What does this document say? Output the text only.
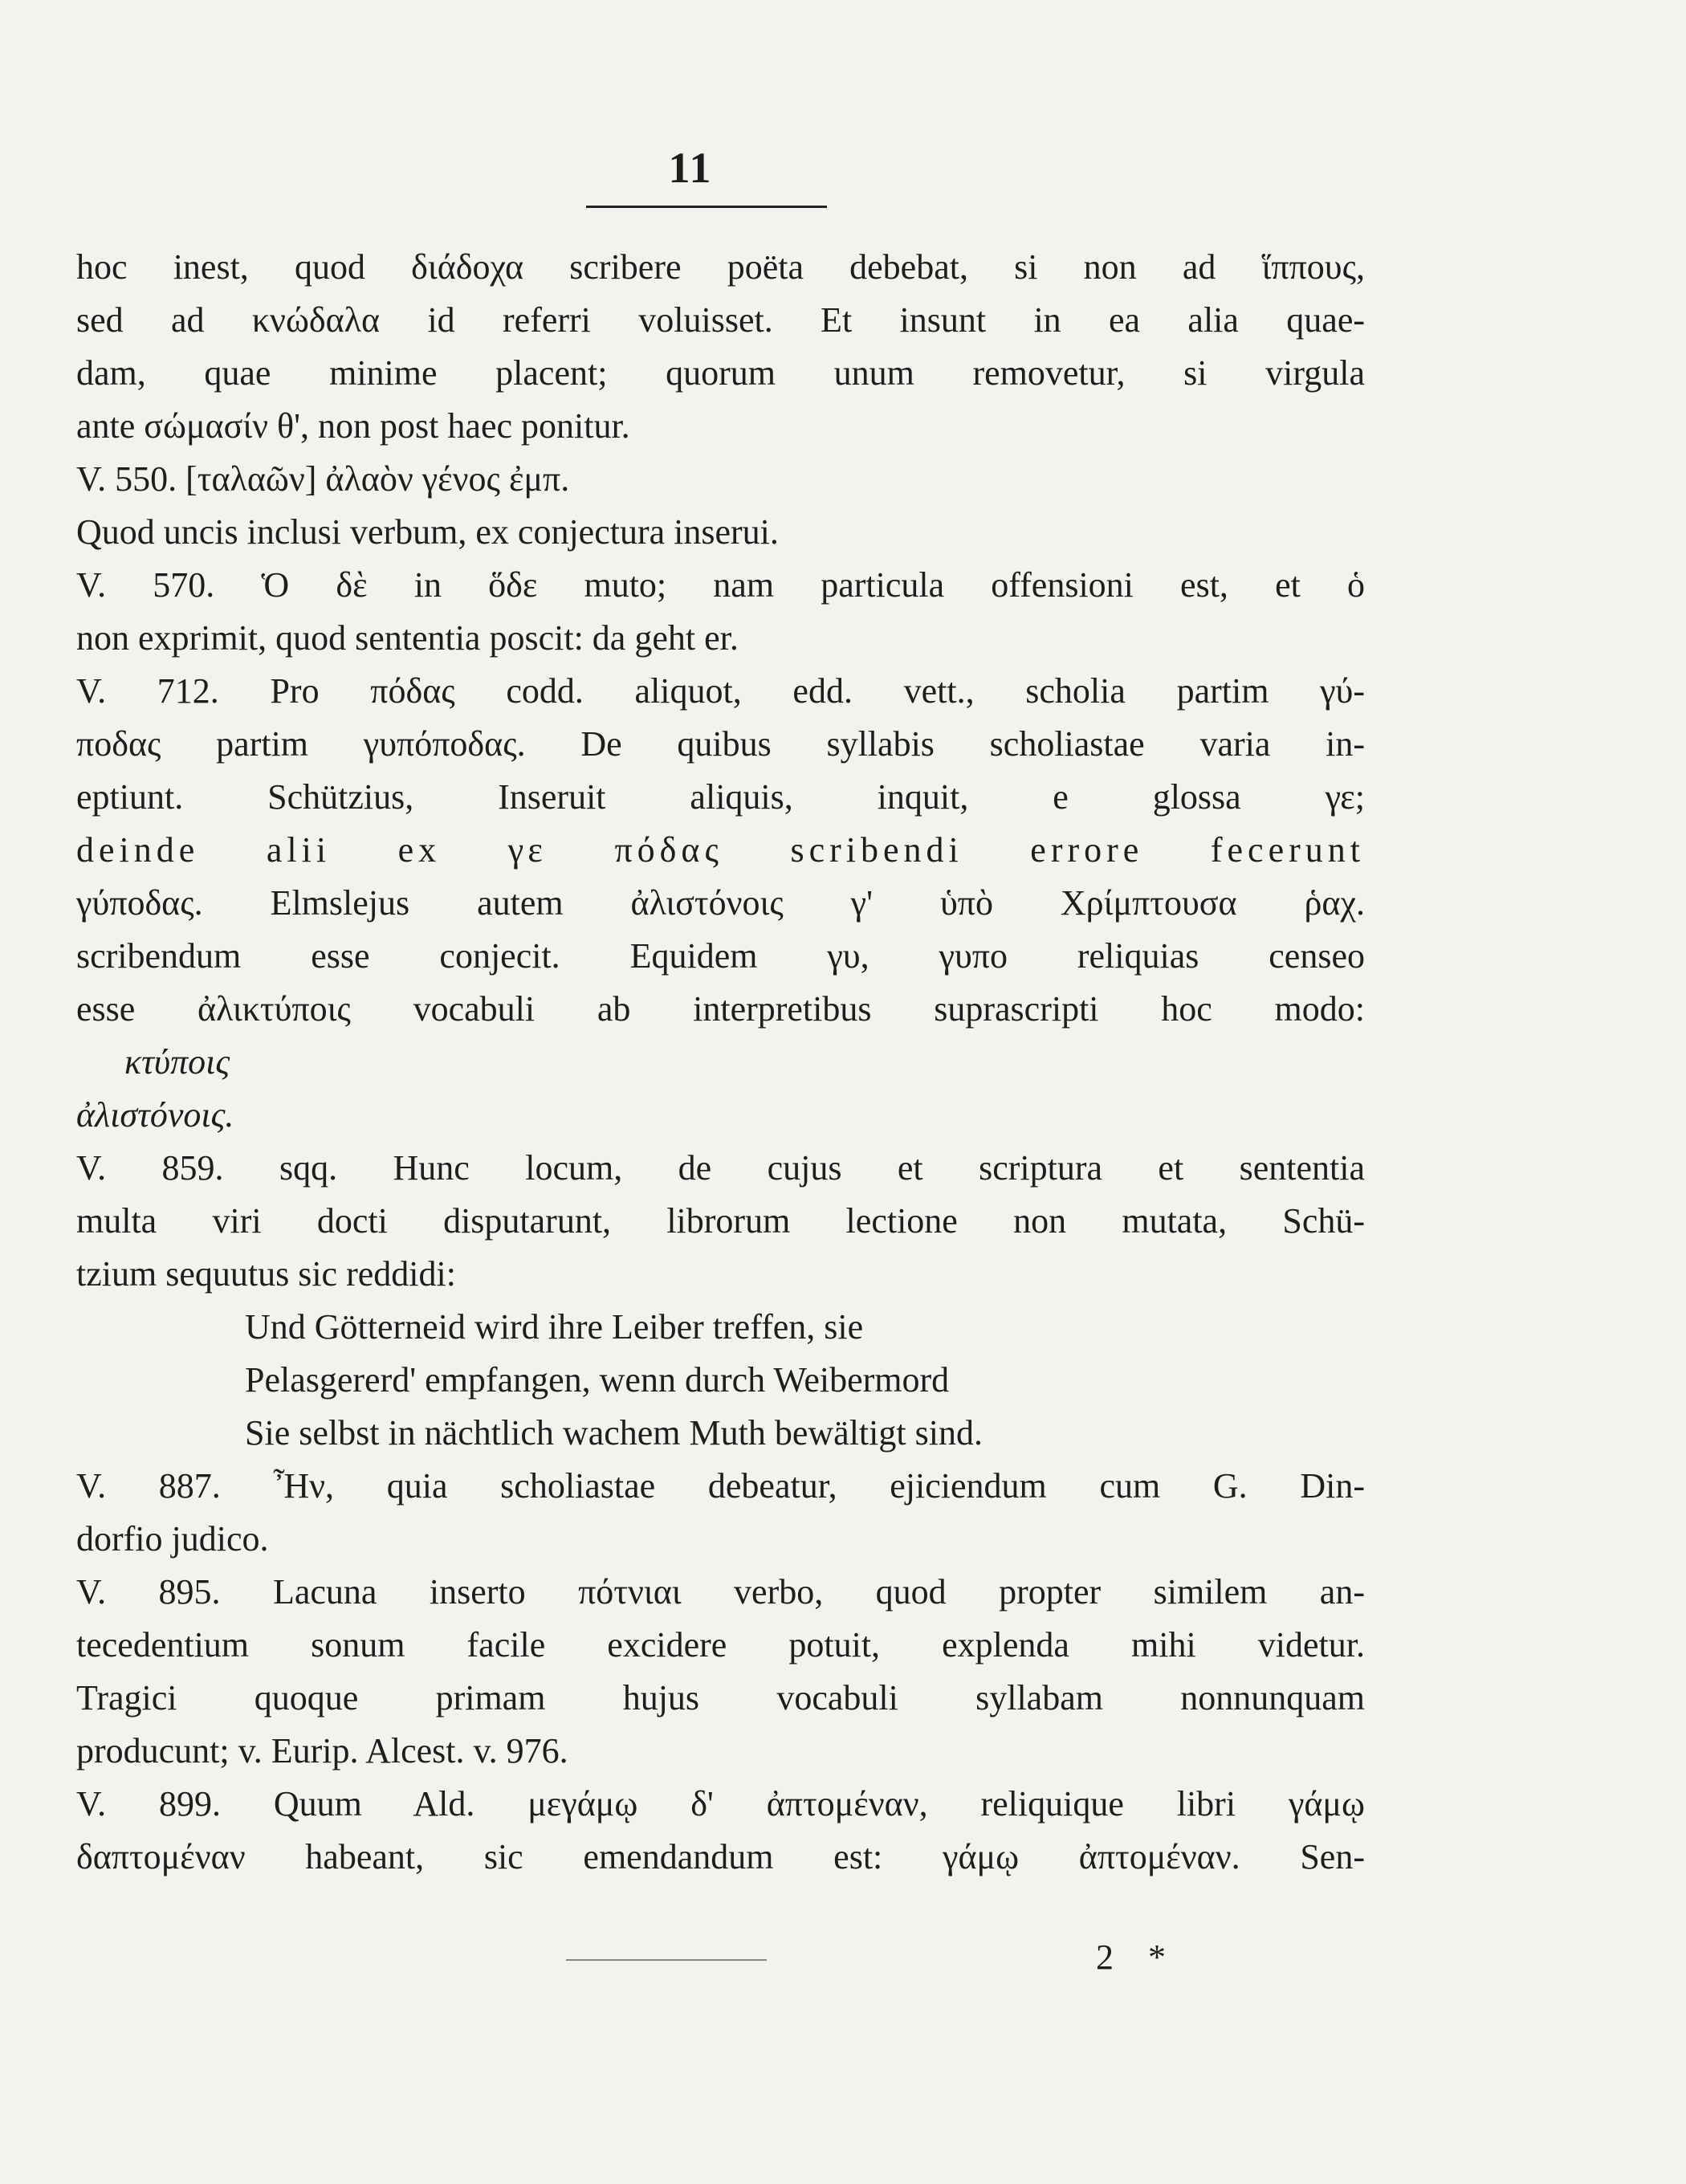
11
hoc inest, quod διάδοχα scribere poëta debebat, si non ad ἵππους,
sed ad κνώδαλα id referri voluisset. Et insunt in ea alia quae-
dam, quae minime placent; quorum unum removetur, si virgula
ante σώμασίν θ', non post haec ponitur.
V. 550. [ταλαῶν] ἀλαὸν γένος ἐμπ.
Quod uncis inclusi verbum, ex conjectura inserui.
V. 570. Ὁ δὲ in ὅδε muto; nam particula offensioni est, et ὁ
non exprimit, quod sententia poscit: da geht er.
V. 712. Pro πόδας codd. aliquot, edd. vett., scholia partim γύ-
ποδας partim γυπόποδας. De quibus syllabis scholiastae varia in-
eptiunt. Schützius, Inseruit aliquis, inquit, e glossa γε;
deinde alii ex γε πόδας scribendi errore fecerunt
γύποδας. Elmslejus autem ἀλιστόνοις γ' ὑπὸ Χρίμπτουσα ῥαχ.
scribendum esse conjecit. Equidem γυ, γυπο reliquias censeo
esse ἀλικτύποις vocabuli ab interpretibus suprascripti hoc modo:
κτύποις
ἀλιστόνοις.
V. 859. sqq. Hunc locum, de cujus et scriptura et sententia
multa viri docti disputarunt, librorum lectione non mutata, Schü-
tzium sequutus sic reddidi:
Und Götterneid wird ihre Leiber treffen, sie
Pelasgererd' empfangen, wenn durch Weibermord
Sie selbst in nächtlich wachem Muth bewältigt sind.
V. 887. Ἦν, quia scholiastae debeatur, ejiciendum cum G. Din-
dorfio judico.
V. 895. Lacuna inserto πότνιαι verbo, quod propter similem an-
tecedentium sonum facile excidere potuit, explenda mihi videtur.
Tragici quoque primam hujus vocabuli syllabam nonnunquam
producunt; v. Eurip. Alcest. v. 976.
V. 899. Quum Ald. μεγάμῳ δ' ἀπτομέναν, reliquique libri γάμῳ
δαπτομέναν habeant, sic emendandum est: γάμῳ ἀπτομέναν. Sen-
2 *
